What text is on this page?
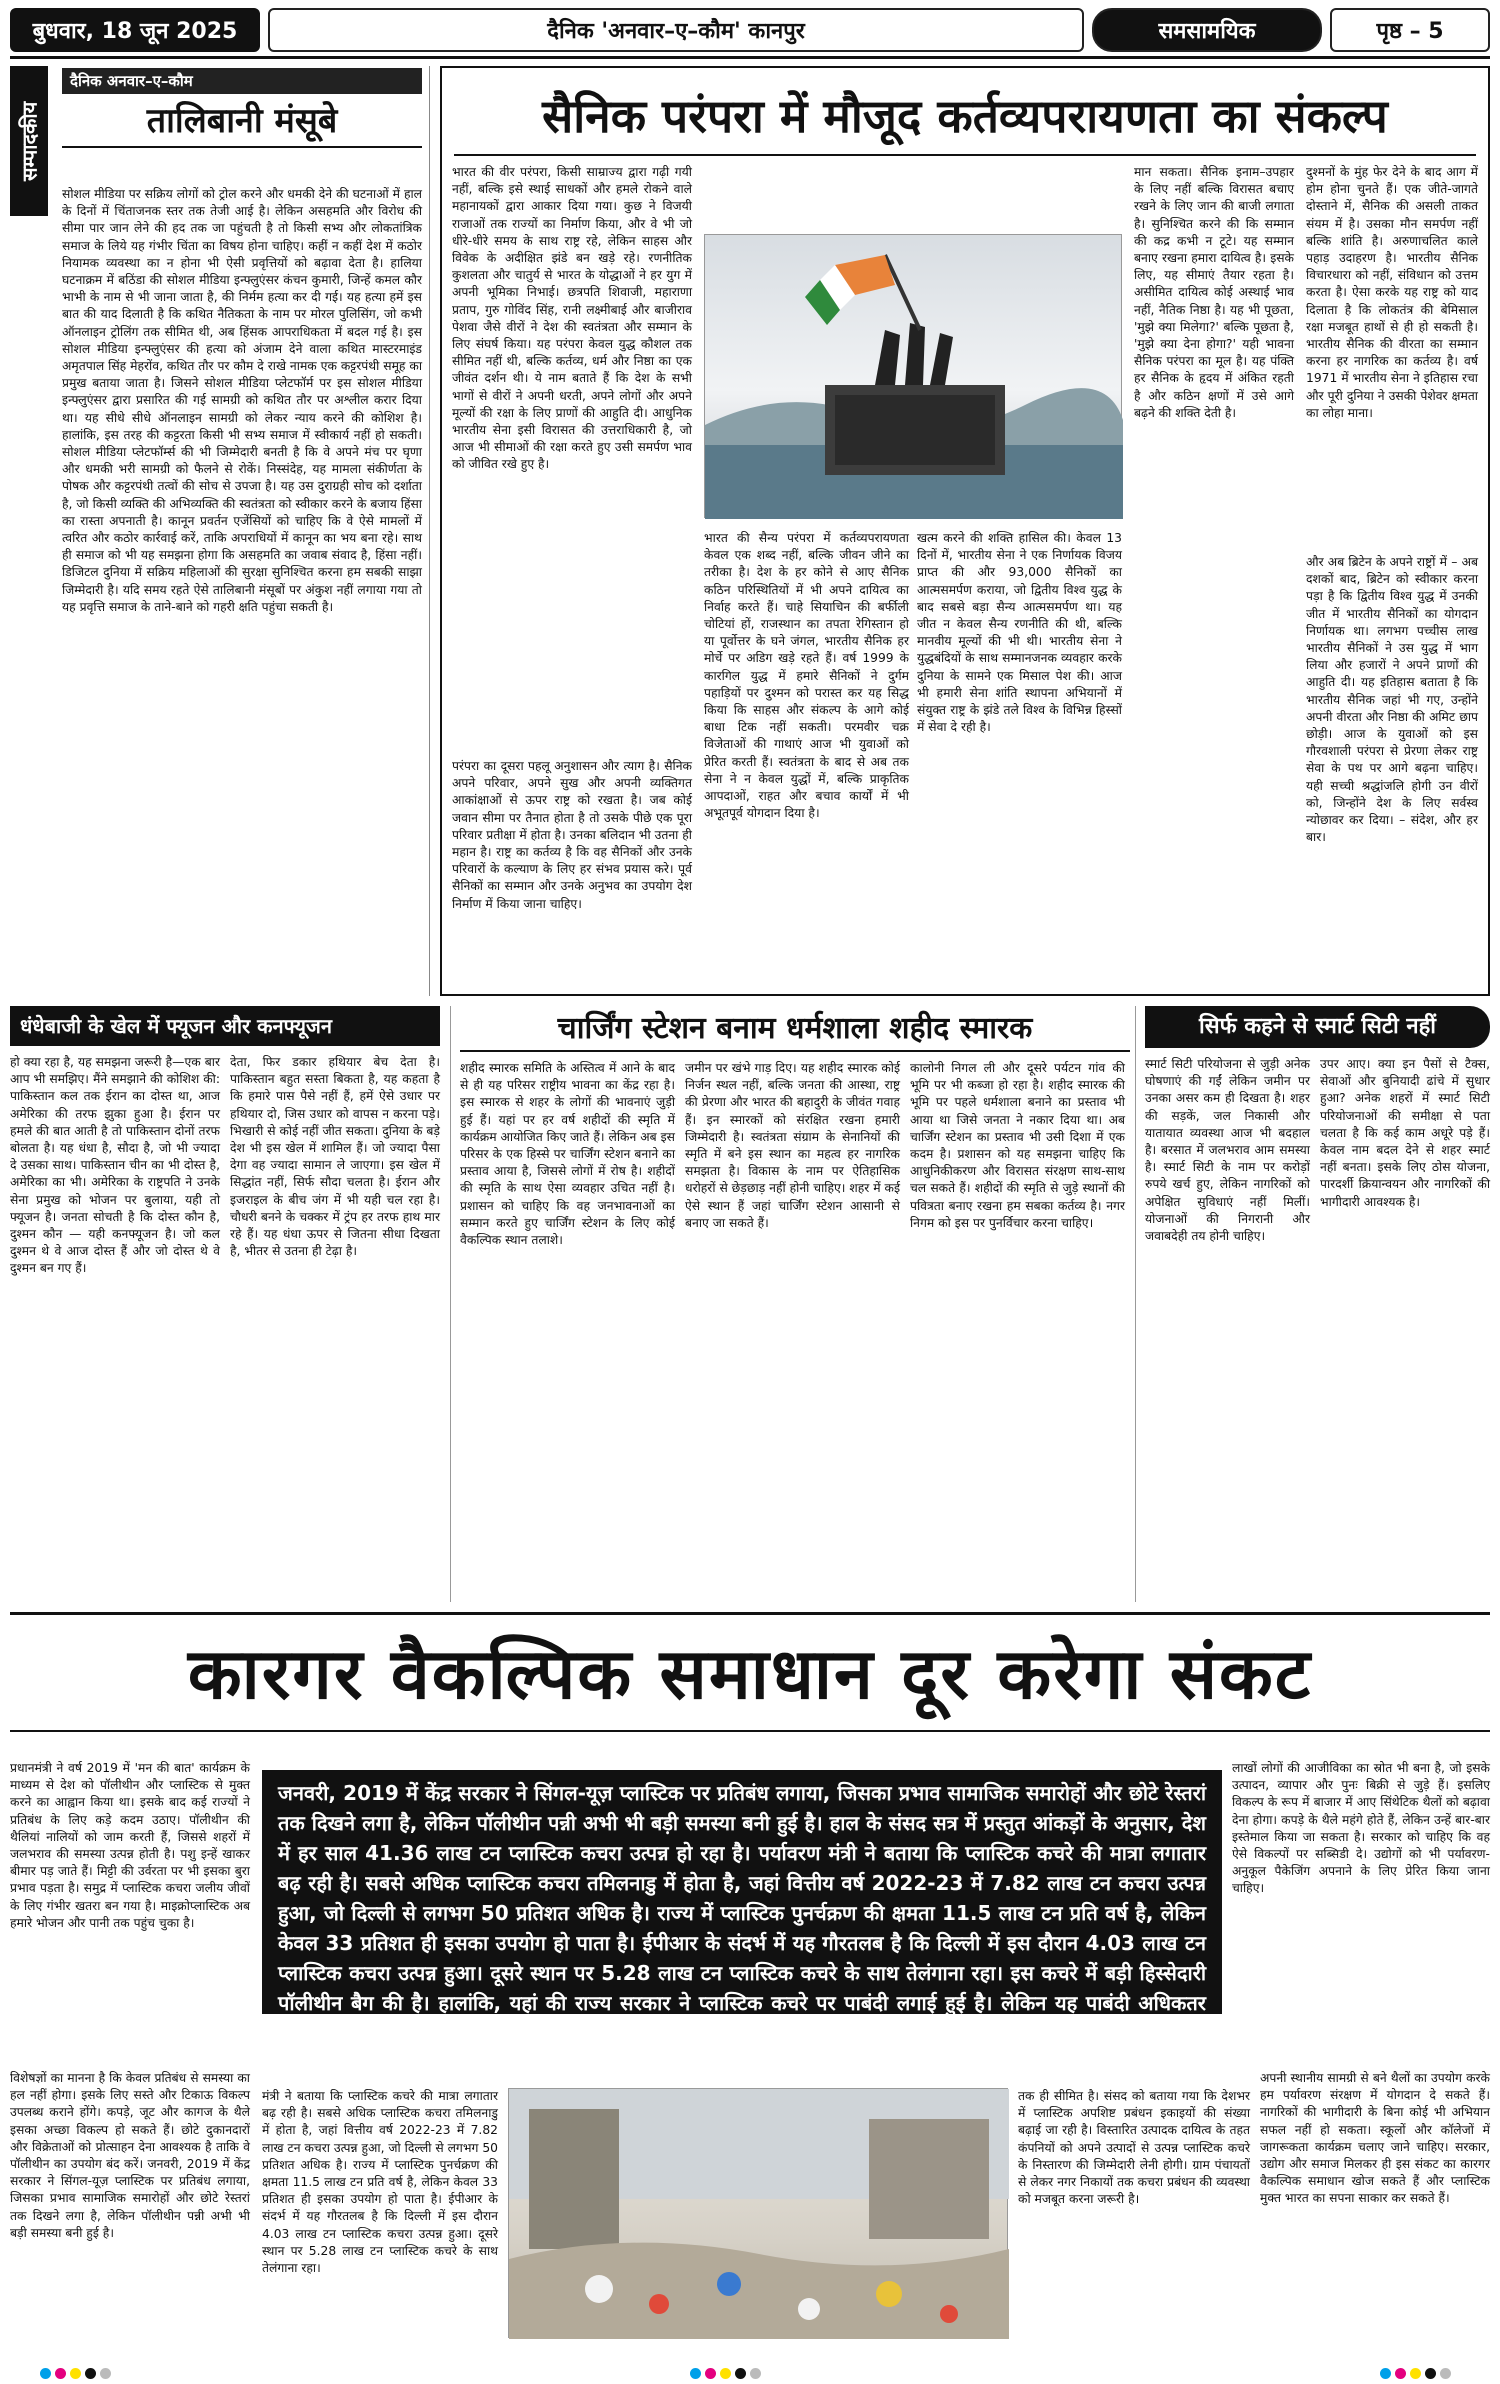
बुधवार, 18 जून 2025	दैनिक 'अनवार–ए–कौम' कानपुर	समसामयिक	पृष्ठ – 5
सम्पादकीय
दैनिक अनवार–ए–कौम
तालिबानी मंसूबे
सोशल मीडिया पर सक्रिय लोगों को ट्रोल करने और धमकी देने की घटनाओं में हाल के दिनों में चिंताजनक स्तर तक तेजी आई है। लेकिन असहमति और विरोध की सीमा पार जान लेने की हद तक जा पहुंचती है तो किसी सभ्य और लोकतांत्रिक समाज के लिये यह गंभीर चिंता का विषय होना चाहिए। कहीं न कहीं देश में कठोर नियामक व्यवस्था का न होना भी ऐसी प्रवृत्तियों को बढ़ावा देता है। हालिया घटनाक्रम में बठिंडा की सोशल मीडिया इन्फ्लुएंसर कंचन कुमारी, जिन्हें कमल कौर भाभी के नाम से भी जाना जाता है, की निर्मम हत्या कर दी गई। यह हत्या हमें इस बात की याद दिलाती है कि कथित नैतिकता के नाम पर मोरल पुलिसिंग, जो कभी ऑनलाइन ट्रोलिंग तक सीमित थी, अब हिंसक आपराधिकता में बदल गई है। इस सोशल मीडिया इन्फ्लुएंसर की हत्या को अंजाम देने वाला कथित मास्टरमाइंड अमृतपाल सिंह मेहरोंव, कथित तौर पर कौम दे राखे नामक एक कट्टरपंथी समूह का प्रमुख बताया जाता है। जिसने सोशल मीडिया प्लेटफॉर्म पर इस सोशल मीडिया इन्फ्लुएंसर द्वारा प्रसारित की गई सामग्री को कथित तौर पर अश्लील करार दिया था। यह सीधे सीधे ऑनलाइन सामग्री को लेकर न्याय करने की कोशिश है। हालांकि, इस तरह की कट्टरता किसी भी सभ्य समाज में स्वीकार्य नहीं हो सकती। सोशल मीडिया प्लेटफॉर्म्स की भी जिम्मेदारी बनती है कि वे अपने मंच पर घृणा और धमकी भरी सामग्री को फैलने से रोकें। निस्संदेह, यह मामला संकीर्णता के पोषक और कट्टरपंथी तत्वों की सोच से उपजा है। यह उस दुराग्रही सोच को दर्शाता है, जो किसी व्यक्ति की अभिव्यक्ति की स्वतंत्रता को स्वीकार करने के बजाय हिंसा का रास्ता अपनाती है। कानून प्रवर्तन एजेंसियों को चाहिए कि वे ऐसे मामलों में त्वरित और कठोर कार्रवाई करें, ताकि अपराधियों में कानून का भय बना रहे। साथ ही समाज को भी यह समझना होगा कि असहमति का जवाब संवाद है, हिंसा नहीं। डिजिटल दुनिया में सक्रिय महिलाओं की सुरक्षा सुनिश्चित करना हम सबकी साझा जिम्मेदारी है। यदि समय रहते ऐसे तालिबानी मंसूबों पर अंकुश नहीं लगाया गया तो यह प्रवृत्ति समाज के ताने-बाने को गहरी क्षति पहुंचा सकती है।
सैनिक परंपरा में मौजूद कर्तव्यपरायणता का संकल्प
भारत की वीर परंपरा, किसी साम्राज्य द्वारा गढ़ी गयी नहीं, बल्कि इसे स्थाई साधकों और हमले रोकने वाले महानायकों द्वारा आकार दिया गया। कुछ ने विजयी राजाओं तक राज्यों का निर्माण किया, और वे भी जो धीरे-धीरे समय के साथ राष्ट्र रहे, लेकिन साहस और विवेक के अदीक्षित झंडे बन खड़े रहे। रणनीतिक कुशलता और चातुर्य से भारत के योद्धाओं ने हर युग में अपनी भूमिका निभाई। छत्रपति शिवाजी, महाराणा प्रताप, गुरु गोविंद सिंह, रानी लक्ष्मीबाई और बाजीराव पेशवा जैसे वीरों ने देश की स्वतंत्रता और सम्मान के लिए संघर्ष किया। यह परंपरा केवल युद्ध कौशल तक सीमित नहीं थी, बल्कि कर्तव्य, धर्म और निष्ठा का एक जीवंत दर्शन थी। ये नाम बताते हैं कि देश के सभी भागों से वीरों ने अपनी धरती, अपने लोगों और अपने मूल्यों की रक्षा के लिए प्राणों की आहुति दी। आधुनिक भारतीय सेना इसी विरासत की उत्तराधिकारी है, जो आज भी सीमाओं की रक्षा करते हुए उसी समर्पण भाव को जीवित रखे हुए है।
भारत की सैन्य परंपरा में कर्तव्यपरायणता केवल एक शब्द नहीं, बल्कि जीवन जीने का तरीका है। देश के हर कोने से आए सैनिक कठिन परिस्थितियों में भी अपने दायित्व का निर्वाह करते हैं। चाहे सियाचिन की बर्फीली चोटियां हों, राजस्थान का तपता रेगिस्तान हो या पूर्वोत्तर के घने जंगल, भारतीय सैनिक हर मोर्चे पर अडिग खड़े रहते हैं। वर्ष 1999 के कारगिल युद्ध में हमारे सैनिकों ने दुर्गम पहाड़ियों पर दुश्मन को परास्त कर यह सिद्ध किया कि साहस और संकल्प के आगे कोई बाधा टिक नहीं सकती। परमवीर चक्र विजेताओं की गाथाएं आज भी युवाओं को प्रेरित करती हैं। स्वतंत्रता के बाद से अब तक सेना ने न केवल युद्धों में, बल्कि प्राकृतिक आपदाओं, राहत और बचाव कार्यों में भी अभूतपूर्व योगदान दिया है।
खत्म करने की शक्ति हासिल की। केवल 13 दिनों में, भारतीय सेना ने एक निर्णायक विजय प्राप्त की और 93,000 सैनिकों का आत्मसमर्पण कराया, जो द्वितीय विश्व युद्ध के बाद सबसे बड़ा सैन्य आत्मसमर्पण था। यह जीत न केवल सैन्य रणनीति की थी, बल्कि मानवीय मूल्यों की भी थी। भारतीय सेना ने युद्धबंदियों के साथ सम्मानजनक व्यवहार करके दुनिया के सामने एक मिसाल पेश की। आज भी हमारी सेना शांति स्थापना अभियानों में संयुक्त राष्ट्र के झंडे तले विश्व के विभिन्न हिस्सों में सेवा दे रही है।
परंपरा का दूसरा पहलू अनुशासन और त्याग है। सैनिक अपने परिवार, अपने सुख और अपनी व्यक्तिगत आकांक्षाओं से ऊपर राष्ट्र को रखता है। जब कोई जवान सीमा पर तैनात होता है तो उसके पीछे एक पूरा परिवार प्रतीक्षा में होता है। उनका बलिदान भी उतना ही महान है। राष्ट्र का कर्तव्य है कि वह सैनिकों और उनके परिवारों के कल्याण के लिए हर संभव प्रयास करे। पूर्व सैनिकों का सम्मान और उनके अनुभव का उपयोग देश निर्माण में किया जाना चाहिए।
मान सकता। सैनिक इनाम–उपहार के लिए नहीं बल्कि विरासत बचाए रखने के लिए जान की बाजी लगाता है। सुनिश्चित करने की कि सम्मान की कद्र कभी न टूटे। यह सम्मान बनाए रखना हमारा दायित्व है। इसके लिए, यह सीमाएं तैयार रहता है। असीमित दायित्व कोई अस्थाई भाव नहीं, नैतिक निष्ठा है। यह भी पूछता, 'मुझे क्या मिलेगा?' बल्कि पूछता है, 'मुझे क्या देना होगा?' यही भावना सैनिक परंपरा का मूल है। यह पंक्ति हर सैनिक के हृदय में अंकित रहती है और कठिन क्षणों में उसे आगे बढ़ने की शक्ति देती है।
दुश्मनों के मुंह फेर देने के बाद आग में होम होना चुनते हैं। एक जीते-जागते दोस्ताने में, सैनिक की असली ताकत संयम में है। उसका मौन समर्पण नहीं बल्कि शांति है। अरुणाचलित काले पहाड़ उदाहरण है। भारतीय सैनिक विचारधारा को नहीं, संविधान को उत्तम करता है। ऐसा करके यह राष्ट्र को याद दिलाता है कि लोकतंत्र की बेमिसाल रक्षा मजबूत हाथों से ही हो सकती है। भारतीय सैनिक की वीरता का सम्मान करना हर नागरिक का कर्तव्य है। वर्ष 1971 में भारतीय सेना ने इतिहास रचा और पूरी दुनिया ने उसकी पेशेवर क्षमता का लोहा माना।
और अब ब्रिटेन के अपने राष्ट्रों में – अब दशकों बाद, ब्रिटेन को स्वीकार करना पड़ा है कि द्वितीय विश्व युद्ध में उनकी जीत में भारतीय सैनिकों का योगदान निर्णायक था। लगभग पच्चीस लाख भारतीय सैनिकों ने उस युद्ध में भाग लिया और हजारों ने अपने प्राणों की आहुति दी। यह इतिहास बताता है कि भारतीय सैनिक जहां भी गए, उन्होंने अपनी वीरता और निष्ठा की अमिट छाप छोड़ी। आज के युवाओं को इस गौरवशाली परंपरा से प्रेरणा लेकर राष्ट्र सेवा के पथ पर आगे बढ़ना चाहिए। यही सच्ची श्रद्धांजलि होगी उन वीरों को, जिन्होंने देश के लिए सर्वस्व न्योछावर कर दिया। – संदेश, और हर बार।
धंधेबाजी के खेल में फ्यूजन और कनफ्यूजन
हो क्या रहा है, यह समझना जरूरी है—एक बार आप भी समझिए। मैंने समझाने की कोशिश की: पाकिस्तान कल तक ईरान का दोस्त था, आज अमेरिका की तरफ झुका हुआ है। ईरान पर हमले की बात आती है तो पाकिस्तान दोनों तरफ बोलता है। यह धंधा है, सौदा है, जो भी ज्यादा दे उसका साथ। पाकिस्तान चीन का भी दोस्त है, अमेरिका का भी। अमेरिका के राष्ट्रपति ने उनके सेना प्रमुख को भोजन पर बुलाया, यही तो फ्यूजन है। जनता सोचती है कि दोस्त कौन है, दुश्मन कौन — यही कनफ्यूजन है। जो कल दुश्मन थे वे आज दोस्त हैं और जो दोस्त थे वे दुश्मन बन गए हैं।
देता, फिर डकार हथियार बेच देता है। पाकिस्तान बहुत सस्ता बिकता है, यह कहता है कि हमारे पास पैसे नहीं हैं, हमें ऐसे उधार पर हथियार दो, जिस उधार को वापस न करना पड़े। भिखारी से कोई नहीं जीत सकता। दुनिया के बड़े देश भी इस खेल में शामिल हैं। जो ज्यादा पैसा देगा वह ज्यादा सामान ले जाएगा। इस खेल में सिद्धांत नहीं, सिर्फ सौदा चलता है। ईरान और इजराइल के बीच जंग में भी यही चल रहा है। चौधरी बनने के चक्कर में ट्रंप हर तरफ हाथ मार रहे हैं। यह धंधा ऊपर से जितना सीधा दिखता है, भीतर से उतना ही टेढ़ा है।
चार्जिंग स्टेशन बनाम धर्मशाला शहीद स्मारक
शहीद स्मारक समिति के अस्तित्व में आने के बाद से ही यह परिसर राष्ट्रीय भावना का केंद्र रहा है। इस स्मारक से शहर के लोगों की भावनाएं जुड़ी हुई हैं। यहां पर हर वर्ष शहीदों की स्मृति में कार्यक्रम आयोजित किए जाते हैं। लेकिन अब इस परिसर के एक हिस्से पर चार्जिंग स्टेशन बनाने का प्रस्ताव आया है, जिससे लोगों में रोष है। शहीदों की स्मृति के साथ ऐसा व्यवहार उचित नहीं है। प्रशासन को चाहिए कि वह जनभावनाओं का सम्मान करते हुए चार्जिंग स्टेशन के लिए कोई वैकल्पिक स्थान तलाशे।
जमीन पर खंभे गाड़ दिए। यह शहीद स्मारक कोई निर्जन स्थल नहीं, बल्कि जनता की आस्था, राष्ट्र की प्रेरणा और भारत की बहादुरी के जीवंत गवाह हैं। इन स्मारकों को संरक्षित रखना हमारी जिम्मेदारी है। स्वतंत्रता संग्राम के सेनानियों की स्मृति में बने इस स्थान का महत्व हर नागरिक समझता है। विकास के नाम पर ऐतिहासिक धरोहरों से छेड़छाड़ नहीं होनी चाहिए। शहर में कई ऐसे स्थान हैं जहां चार्जिंग स्टेशन आसानी से बनाए जा सकते हैं।
कालोनी निगल ली और दूसरे पर्यटन गांव की भूमि पर भी कब्जा हो रहा है। शहीद स्मारक की भूमि पर पहले धर्मशाला बनाने का प्रस्ताव भी आया था जिसे जनता ने नकार दिया था। अब चार्जिंग स्टेशन का प्रस्ताव भी उसी दिशा में एक कदम है। प्रशासन को यह समझना चाहिए कि आधुनिकीकरण और विरासत संरक्षण साथ-साथ चल सकते हैं। शहीदों की स्मृति से जुड़े स्थानों की पवित्रता बनाए रखना हम सबका कर्तव्य है। नगर निगम को इस पर पुनर्विचार करना चाहिए।
सिर्फ कहने से स्मार्ट सिटी नहीं
स्मार्ट सिटी परियोजना से जुड़ी अनेक घोषणाएं की गईं लेकिन जमीन पर उनका असर कम ही दिखता है। शहर की सड़कें, जल निकासी और यातायात व्यवस्था आज भी बदहाल है। बरसात में जलभराव आम समस्या है। स्मार्ट सिटी के नाम पर करोड़ों रुपये खर्च हुए, लेकिन नागरिकों को अपेक्षित सुविधाएं नहीं मिलीं। योजनाओं की निगरानी और जवाबदेही तय होनी चाहिए।
उपर आए। क्या इन पैसों से टैक्स, सेवाओं और बुनियादी ढांचे में सुधार हुआ? अनेक शहरों में स्मार्ट सिटी परियोजनाओं की समीक्षा से पता चलता है कि कई काम अधूरे पड़े हैं। केवल नाम बदल देने से शहर स्मार्ट नहीं बनता। इसके लिए ठोस योजना, पारदर्शी क्रियान्वयन और नागरिकों की भागीदारी आवश्यक है।
कारगर वैकल्पिक समाधान दूर करेगा संकट
प्रधानमंत्री ने वर्ष 2019 में 'मन की बात' कार्यक्रम के माध्यम से देश को पॉलीथीन और प्लास्टिक से मुक्त करने का आह्वान किया था। इसके बाद कई राज्यों ने प्रतिबंध के लिए कड़े कदम उठाए। पॉलीथीन की थैलियां नालियों को जाम करती हैं, जिससे शहरों में जलभराव की समस्या उत्पन्न होती है। पशु इन्हें खाकर बीमार पड़ जाते हैं। मिट्टी की उर्वरता पर भी इसका बुरा प्रभाव पड़ता है। समुद्र में प्लास्टिक कचरा जलीय जीवों के लिए गंभीर खतरा बन गया है। माइक्रोप्लास्टिक अब हमारे भोजन और पानी तक पहुंच चुका है।
विशेषज्ञों का मानना है कि केवल प्रतिबंध से समस्या का हल नहीं होगा। इसके लिए सस्ते और टिकाऊ विकल्प उपलब्ध कराने होंगे। कपड़े, जूट और कागज के थैले इसका अच्छा विकल्प हो सकते हैं। छोटे दुकानदारों और विक्रेताओं को प्रोत्साहन देना आवश्यक है ताकि वे पॉलीथीन का उपयोग बंद करें। जनवरी, 2019 में केंद्र सरकार ने सिंगल-यूज़ प्लास्टिक पर प्रतिबंध लगाया, जिसका प्रभाव सामाजिक समारोहों और छोटे रेस्तरां तक दिखने लगा है, लेकिन पॉलीथीन पन्नी अभी भी बड़ी समस्या बनी हुई है।
जनवरी, 2019 में केंद्र सरकार ने सिंगल-यूज़ प्लास्टिक पर प्रतिबंध लगाया, जिसका प्रभाव सामाजिक समारोहों और छोटे रेस्तरां तक दिखने लगा है, लेकिन पॉलीथीन पन्नी अभी भी बड़ी समस्या बनी हुई है। हाल के संसद सत्र में प्रस्तुत आंकड़ों के अनुसार, देश में हर साल 41.36 लाख टन प्लास्टिक कचरा उत्पन्न हो रहा है। पर्यावरण मंत्री ने बताया कि प्लास्टिक कचरे की मात्रा लगातार बढ़ रही है। सबसे अधिक प्लास्टिक कचरा तमिलनाडु में होता है, जहां वित्तीय वर्ष 2022-23 में 7.82 लाख टन कचरा उत्पन्न हुआ, जो दिल्ली से लगभग 50 प्रतिशत अधिक है। राज्य में प्लास्टिक पुनर्चक्रण की क्षमता 11.5 लाख टन प्रति वर्ष है, लेकिन केवल 33 प्रतिशत ही इसका उपयोग हो पाता है। ईपीआर के संदर्भ में यह गौरतलब है कि दिल्ली में इस दौरान 4.03 लाख टन प्लास्टिक कचरा उत्पन्न हुआ। दूसरे स्थान पर 5.28 लाख टन प्लास्टिक कचरे के साथ तेलंगाना रहा। इस कचरे में बड़ी हिस्सेदारी पॉलीथीन बैग की है। हालांकि, यहां की राज्य सरकार ने प्लास्टिक कचरे पर पाबंदी लगाई हुई है। लेकिन यह पाबंदी अधिकतर कागजों तक ही सीमित है।
लाखों लोगों की आजीविका का स्रोत भी बना है, जो इसके उत्पादन, व्यापार और पुनः बिक्री से जुड़े हैं। इसलिए विकल्प के रूप में बाजार में आए सिंथेटिक थैलों को बढ़ावा देना होगा। कपड़े के थैले महंगे होते हैं, लेकिन उन्हें बार-बार इस्तेमाल किया जा सकता है। सरकार को चाहिए कि वह ऐसे विकल्पों पर सब्सिडी दे। उद्योगों को भी पर्यावरण-अनुकूल पैकेजिंग अपनाने के लिए प्रेरित किया जाना चाहिए।
मंत्री ने बताया कि प्लास्टिक कचरे की मात्रा लगातार बढ़ रही है। सबसे अधिक प्लास्टिक कचरा तमिलनाडु में होता है, जहां वित्तीय वर्ष 2022-23 में 7.82 लाख टन कचरा उत्पन्न हुआ, जो दिल्ली से लगभग 50 प्रतिशत अधिक है। राज्य में प्लास्टिक पुनर्चक्रण की क्षमता 11.5 लाख टन प्रति वर्ष है, लेकिन केवल 33 प्रतिशत ही इसका उपयोग हो पाता है। ईपीआर के संदर्भ में यह गौरतलब है कि दिल्ली में इस दौरान 4.03 लाख टन प्लास्टिक कचरा उत्पन्न हुआ। दूसरे स्थान पर 5.28 लाख टन प्लास्टिक कचरे के साथ तेलंगाना रहा।
तक ही सीमित है। संसद को बताया गया कि देशभर में प्लास्टिक अपशिष्ट प्रबंधन इकाइयों की संख्या बढ़ाई जा रही है। विस्तारित उत्पादक दायित्व के तहत कंपनियों को अपने उत्पादों से उत्पन्न प्लास्टिक कचरे के निस्तारण की जिम्मेदारी लेनी होगी। ग्राम पंचायतों से लेकर नगर निकायों तक कचरा प्रबंधन की व्यवस्था को मजबूत करना जरूरी है।
अपनी स्थानीय सामग्री से बने थैलों का उपयोग करके हम पर्यावरण संरक्षण में योगदान दे सकते हैं। नागरिकों की भागीदारी के बिना कोई भी अभियान सफल नहीं हो सकता। स्कूलों और कॉलेजों में जागरूकता कार्यक्रम चलाए जाने चाहिए। सरकार, उद्योग और समाज मिलकर ही इस संकट का कारगर वैकल्पिक समाधान खोज सकते हैं और प्लास्टिक मुक्त भारत का सपना साकार कर सकते हैं।
